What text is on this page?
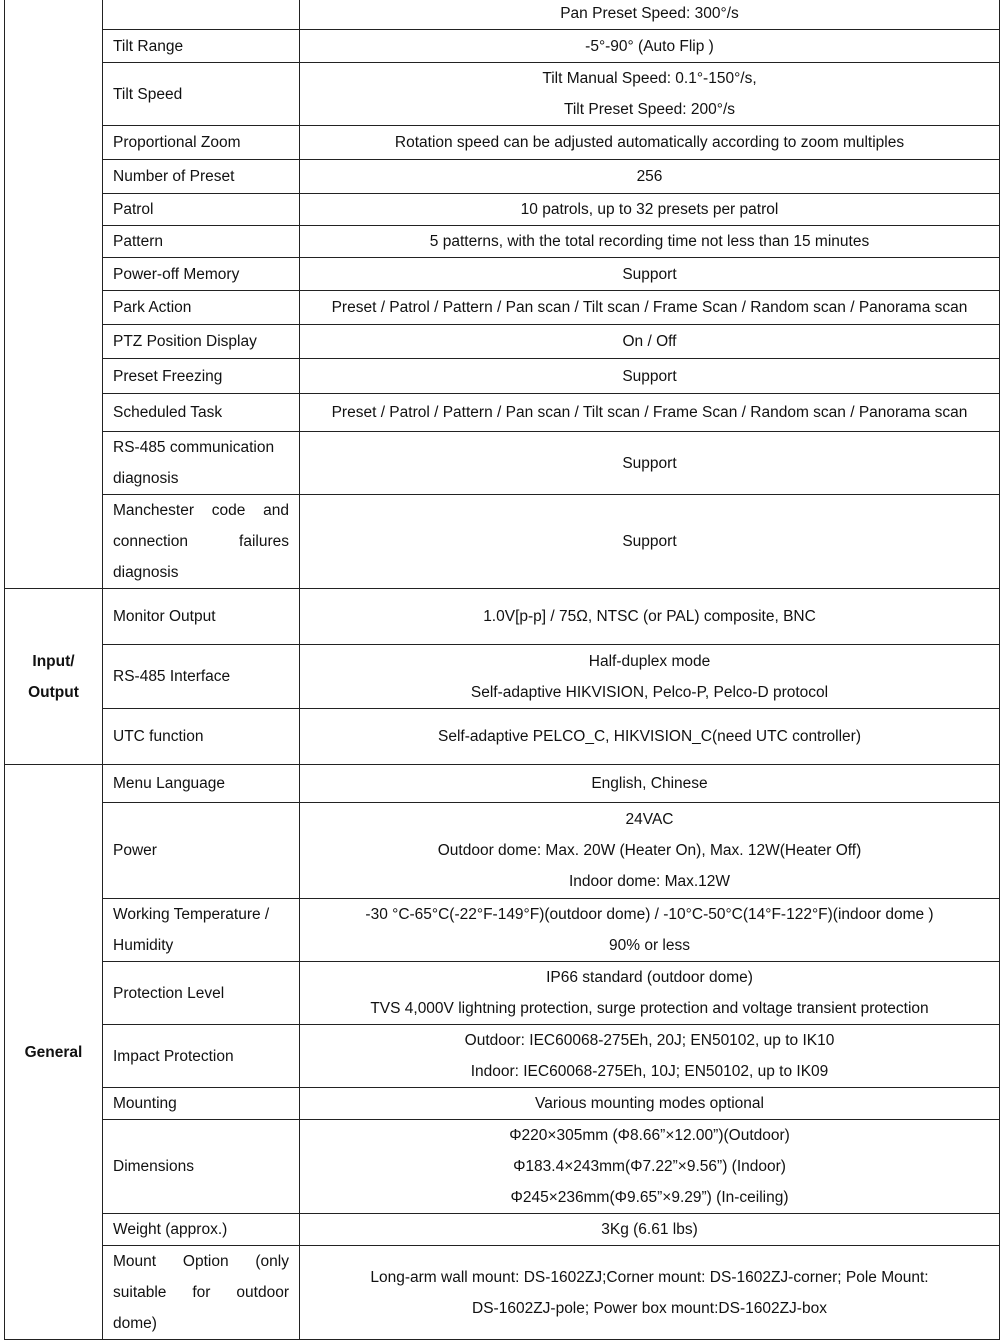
		Pan Preset Speed: 300°/s
	Tilt Range	-5°-90° (Auto Flip )
	Tilt Speed	Tilt Manual Speed: 0.1°-150°/s,
Tilt Preset Speed: 200°/s

	Proportional Zoom	Rotation speed can be adjusted automatically according to zoom multiples
	Number of Preset	256
	Patrol	10 patrols, up to 32 presets per patrol
	Pattern	5 patterns, with the total recording time not less than 15 minutes
	Power-off Memory	Support
	Park Action	Preset / Patrol / Pattern / Pan scan / Tilt scan / Frame Scan / Random scan / Panorama scan
	PTZ Position Display	On / Off
	Preset Freezing	Support
	Scheduled Task	Preset / Patrol / Pattern / Pan scan / Tilt scan / Frame Scan / Random scan / Panorama scan

	RS-485 communication
diagnosis	Support

	Manchester code and
connection failures
diagnosis	Support

Input/
Output	Monitor Output	1.0V[p-p] / 75Ω, NTSC (or PAL) composite, BNC
	RS-485 Interface	Half-duplex mode
Self-adaptive HIKVISION, Pelco-P, Pelco-D protocol

	UTC function	Self-adaptive PELCO_C, HIKVISION_C(need UTC controller)
General	Menu Language	English, Chinese
	Power	24VAC
Outdoor dome: Max. 20W (Heater On), Max. 12W(Heater Off)
Indoor dome: Max.12W

	Working Temperature /
Humidity	-30 °C-65°C(-22°F-149°F)(outdoor dome) / -10°C-50°C(14°F-122°F)(indoor dome )
90% or less

	Protection Level	IP66 standard (outdoor dome)
TVS 4,000V lightning protection, surge protection and voltage transient protection

	Impact Protection	Outdoor: IEC60068-275Eh, 20J; EN50102, up to IK10
Indoor: IEC60068-275Eh, 10J; EN50102, up to IK09

	Mounting	Various mounting modes optional
	Dimensions	Φ220×305mm (Φ8.66”×12.00”)(Outdoor)
Φ183.4×243mm(Φ7.22”×9.56”) (Indoor)
Φ245×236mm(Φ9.65”×9.29”) (In-ceiling)

	Weight (approx.)	3Kg (6.61 lbs)

	Mount Option (only
suitable for outdoor
dome)	Long-arm wall mount: DS-1602ZJ;Corner mount: DS-1602ZJ-corner; Pole Mount:
DS-1602ZJ-pole; Power box mount:DS-1602ZJ-box
